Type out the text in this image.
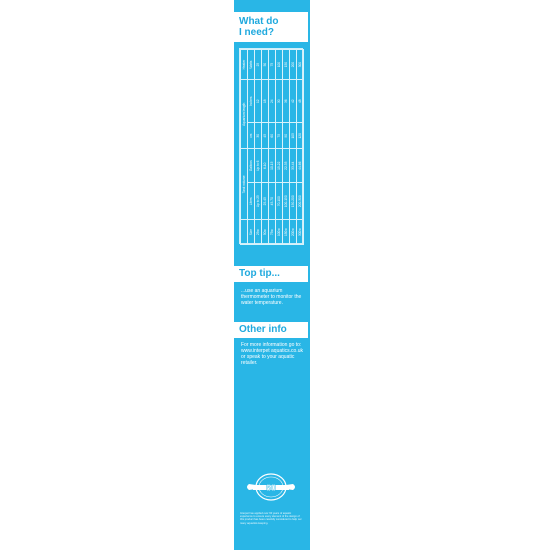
What do
I need?
	Tank volume		Aquarium length		Heater
Size	Litres	Gallons	cm	Inches	Watts
25w	Up to 25	Up to 6	30	12	25
50w	25-45	6-10	45	18	50
75w	45-70	10-15	60	24	75
100w	70-100	15-22	75	30	100
150w	100-150	22-33	90	36	150
200w	150-200	33-44	105	42	200
300w	200-300	44-66	120	48	300
Top tip...
...use an aquarium thermometer to monitor the water temperature.
Other info
For more information go to: www.interpet aquatics.co.uk or speak to your aquatic retailer.
60
Interpet has applied over 60 years of aquatic experience to ensure every element of the design of this product has been carefully considered to help our many aquarists keeping.
